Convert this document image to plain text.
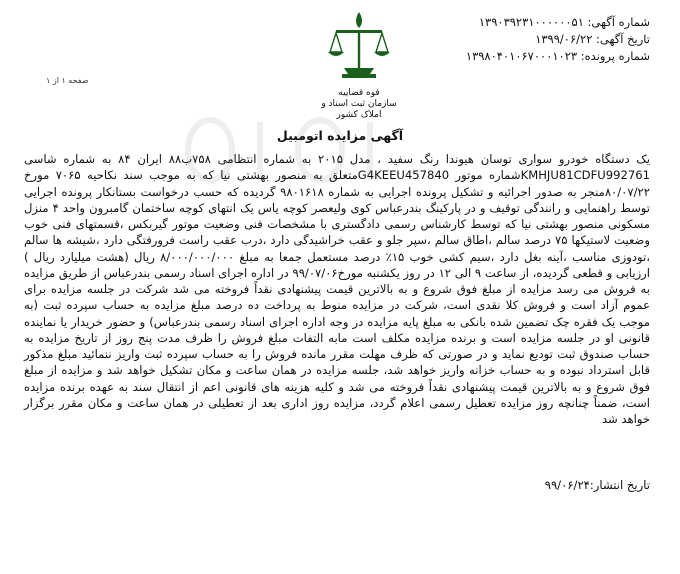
شماره آگهی: ۱۳۹۰۳۹۲۳۱۰۰۰۰۰۰۵۱
تاریخ آگهی: ۱۳۹۹/۰۶/۲۲
شماره پرونده: ۱۳۹۸۰۴۰۱۰۶۷۰۰۰۱۰۲۳
قوه قضاییه
سازمان ثبت اسناد و املاک کشور
صفحه ۱ از ۱
آگهی مزایده اتومبیل

یک دستگاه خودرو سواری توسان هیوندا رنگ سفید ، مدل ۲۰۱۵ به شماره انتظامی ۷۵۸ب۸۸ ایران ۸۴ به شماره شاسی KMHJU81CDFU992761شماره موتور G4KEEU457840متعلق به منصور بهشتی نیا که به موجب سند نکاحیه ۷۰۶۵ مورخ ۸۰/۰۷/۲۲منجر به صدور اجرائیه و تشکیل پرونده اجرایی به شماره ۹۸۰۱۶۱۸ گردیده که حسب درخواست بستانکار پرونده اجرایی توسط راهنمایی و رانندگی توقیف و در پارکینگ بندرعباس کوی ولیعصر کوچه یاس یک انتهای کوچه ساختمان گامبرون واحد ۴ منزل مسکونی منصور بهشتی نیا که توسط کارشناس رسمی دادگستری با مشخصات فنی وضعیت موتور گیربکس ،قسمتهای فنی خوب وضعیت لاستیکها ۷۵ درصد سالم ،اطاق سالم ،سپر جلو و عقب خراشیدگی دارد ،درب عقب راست فرورفتگی دارد ،شیشه ها سالم ،تودوزی مناسب ،آینه بغل دارد ،سیم کشی خوب ۱۵٪ درصد مستعمل جمعا به مبلغ ۸/۰۰۰/۰۰۰/۰۰۰ ریال (هشت میلیارد ریال ) ارزیابی و قطعی گردیده، از ساعت ۹ الی ۱۲ در روز یکشنبه مورخ۹۹/۰۷/۰۶ در اداره اجرای اسناد رسمی بندرعباس از طریق مزایده به فروش می رسد مزایده از مبلغ فوق شروع و به بالاترین قیمت پیشنهادی نقداً فروخته می شد شرکت در جلسه مزایده برای عموم آزاد است و فروش کلا نقدی است، شرکت در مزایده منوط به پرداخت ده درصد مبلغ مزایده به حساب سپرده ثبت (به موجب یک فقره چک تضمین شده بانکی به مبلغ پایه مزایده در وجه اداره اجرای اسناد رسمی بندرعباس) و حضور خریدار یا نماینده قانونی او در جلسه مزایده است و برنده مزایده مکلف است مابه التفات مبلغ فروش را ظرف مدت پنج روز از تاریخ مزایده به حساب صندوق ثبت تودیع نماید و در صورتی که ظرف مهلت مقرر مانده فروش را به حساب سپرده ثبت واریز ننمائید مبلغ مذکور قابل استرداد نبوده و به حساب خزانه واریز خواهد شد، جلسه مزایده در همان ساعت و مکان تشکیل خواهد شد و مزایده از مبلغ فوق شروع و به بالاترین قیمت پیشنهادی نقداً فروخته می شد و کلیه هزینه های قانونی اعم از انتقال سند به عهده برنده مزایده است، ضمناً چنانچه روز مزایده تعطیل رسمی اعلام گردد، مزایده روز اداری بعد از تعطیلی در همان ساعت و مکان مقرر برگزار خواهد شد

تاریخ انتشار:۹۹/۰۶/۲۴
